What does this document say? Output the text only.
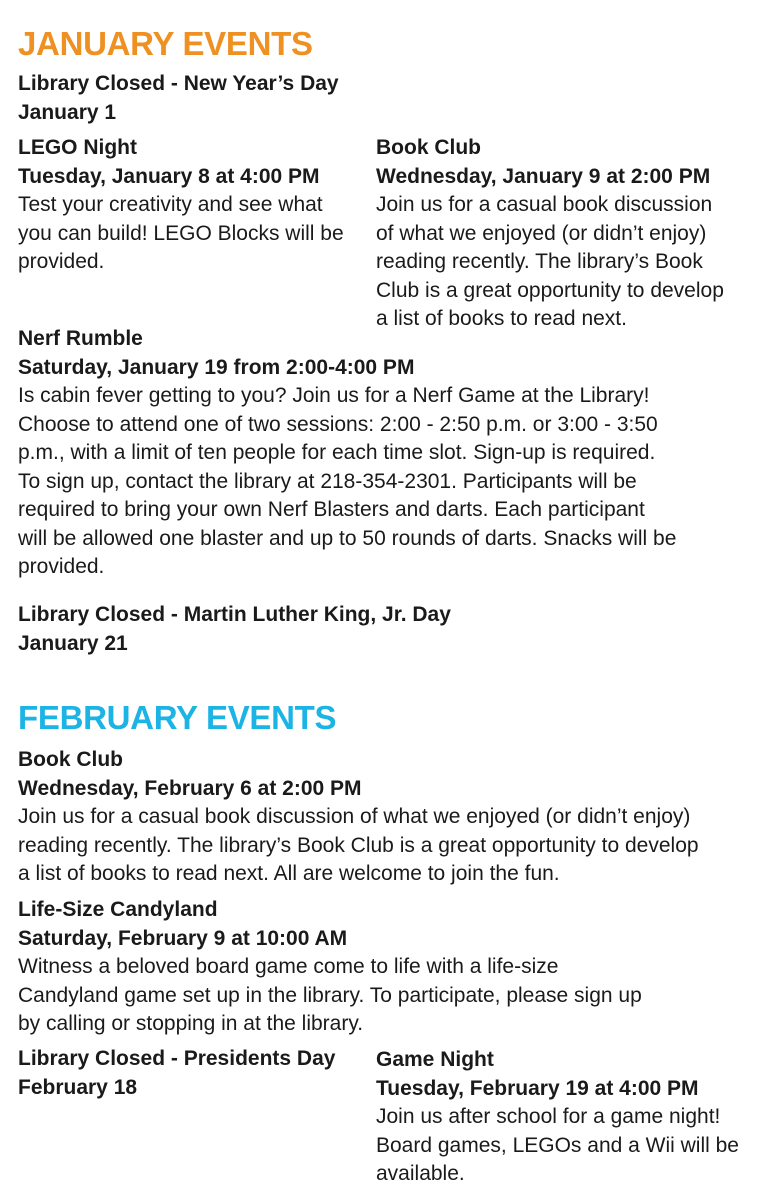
JANUARY EVENTS
Library Closed - New Year’s Day
January 1
LEGO Night
Tuesday, January 8 at 4:00 PM
Test your creativity and see what
you can build! LEGO Blocks will be
provided.
Book Club
Wednesday, January 9 at 2:00 PM
Join us for a casual book discussion
of what we enjoyed (or didn’t enjoy)
reading recently. The library’s Book
Club is a great opportunity to develop
a list of books to read next.
Nerf Rumble
Saturday, January 19 from 2:00-4:00 PM
Is cabin fever getting to you? Join us for a Nerf Game at the Library!
Choose to attend one of two sessions: 2:00 - 2:50 p.m. or 3:00 - 3:50
p.m., with a limit of ten people for each time slot. Sign-up is required.
To sign up, contact the library at 218-354-2301. Participants will be
required to bring your own Nerf Blasters and darts. Each participant
will be allowed one blaster and up to 50 rounds of darts. Snacks will be
provided.
Library Closed - Martin Luther King, Jr. Day
January 21
FEBRUARY EVENTS
Book Club
Wednesday, February 6 at 2:00 PM
Join us for a casual book discussion of what we enjoyed (or didn’t enjoy)
reading recently. The library’s Book Club is a great opportunity to develop
a list of books to read next. All are welcome to join the fun.
Life-Size Candyland
Saturday, February 9 at 10:00 AM
Witness a beloved board game come to life with a life-size
Candyland game set up in the library. To participate, please sign up
by calling or stopping in at the library.
Library Closed - Presidents Day
February 18
Game Night
Tuesday, February 19 at 4:00 PM
Join us after school for a game night!
Board games, LEGOs and a Wii will be
available.
